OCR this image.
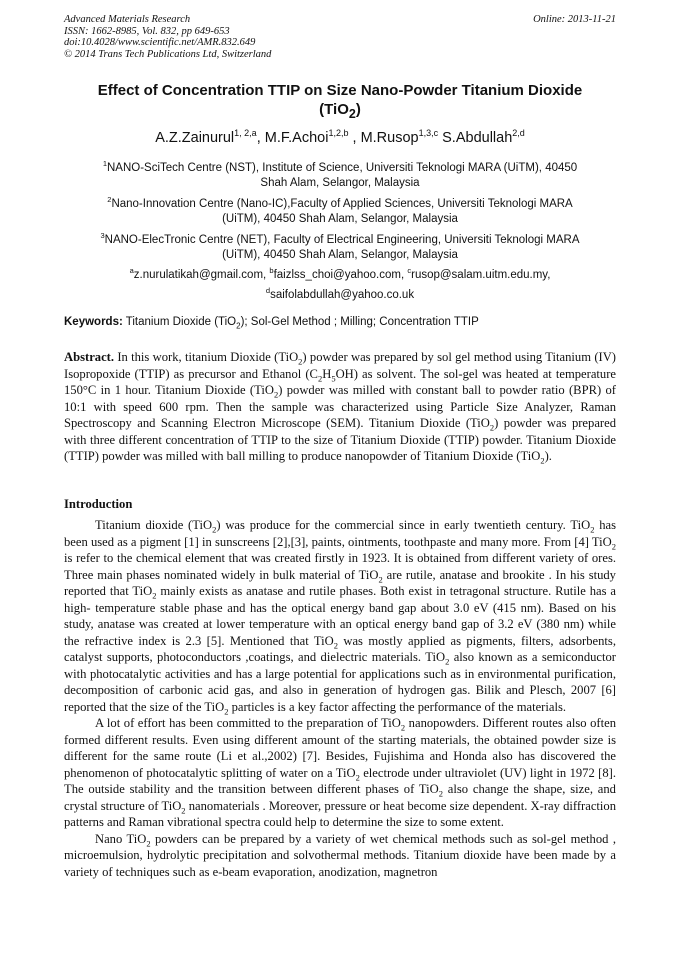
Advanced Materials Research
ISSN: 1662-8985, Vol. 832, pp 649-653
doi:10.4028/www.scientific.net/AMR.832.649
© 2014 Trans Tech Publications Ltd, Switzerland
Online: 2013-11-21
Effect of Concentration TTIP on Size Nano-Powder Titanium Dioxide
(TiO$_2$)
A.Z.Zainurul$^{1, 2,a}$, M.F.Achoi$^{1,2,b}$ , M.Rusop$^{1,3,c}$ S.Abdullah$^{2,d}$
$^1$NANO-SciTech Centre (NST), Institute of Science, Universiti Teknologi MARA (UiTM), 40450
Shah Alam, Selangor, Malaysia
$^2$Nano-Innovation Centre (Nano-IC),Faculty of Applied Sciences, Universiti Teknologi MARA
(UiTM), 40450 Shah Alam, Selangor, Malaysia
$^3$NANO-ElecTronic Centre (NET), Faculty of Electrical Engineering, Universiti Teknologi MARA
(UiTM), 40450 Shah Alam, Selangor, Malaysia
$^a$z.nurulatikah@gmail.com, $^b$faizlss_choi@yahoo.com, $^c$rusop@salam.uitm.edu.my,
$^d$saifolabdullah@yahoo.co.uk
Keywords: Titanium Dioxide (TiO$_2$); Sol-Gel Method ; Milling; Concentration TTIP
Abstract. In this work, titanium Dioxide (TiO$_2$) powder was prepared by sol gel method using Titanium (IV) Isopropoxide (TTIP) as precursor and Ethanol $(C_2H_5OH)$ as solvent. The sol-gel was heated at temperature 150°C in 1 hour. Titanium Dioxide (TiO$_2$) powder was milled with constant ball to powder ratio (BPR) of 10:1 with speed 600 rpm. Then the sample was characterized using Particle Size Analyzer, Raman Spectroscopy and Scanning Electron Microscope (SEM). Titanium Dioxide (TiO$_2$) powder was prepared with three different concentration of TTIP to the size of Titanium Dioxide (TTIP) powder. Titanium Dioxide (TTIP) powder was milled with ball milling to produce nanopowder of Titanium Dioxide (TiO$_2$).
Introduction

Titanium dioxide (TiO$_2$) was produce for the commercial since in early twentieth century. TiO$_2$ has been used as a pigment [1] in sunscreens [2],[3], paints, ointments, toothpaste and many more. From [4] TiO$_2$ is refer to the chemical element that was created firstly in 1923. It is obtained from different variety of ores. Three main phases nominated widely in bulk material of TiO$_2$ are rutile, anatase and brookite . In his study reported that TiO$_2$ mainly exists as anatase and rutile phases. Both exist in tetragonal structure. Rutile has a high- temperature stable phase and has the optical energy band gap about 3.0 eV (415 nm). Based on his study, anatase was created at lower temperature with an optical energy band gap of 3.2 eV (380 nm) while the refractive index is 2.3 [5]. Mentioned that TiO$_2$ was mostly applied as pigments, filters, adsorbents, catalyst supports, photoconductors ,coatings, and dielectric materials. TiO$_2$ also known as a semiconductor with photocatalytic activities and has a large potential for applications such as in environmental purification, decomposition of carbonic acid gas, and also in generation of hydrogen gas. Bilik and Plesch, 2007 [6] reported that the size of the TiO$_2$ particles is a key factor affecting the performance of the materials.

A lot of effort has been committed to the preparation of TiO$_2$ nanopowders. Different routes also often formed different results. Even using different amount of the starting materials, the obtained powder size is different for the same route (Li et al.,2002) [7]. Besides, Fujishima and Honda also has discovered the phenomenon of photocatalytic splitting of water on a TiO$_2$ electrode under ultraviolet (UV) light in 1972 [8]. The outside stability and the transition between different phases of TiO$_2$ also change the shape, size, and crystal structure of TiO$_2$ nanomaterials . Moreover, pressure or heat become size dependent. X-ray diffraction patterns and Raman vibrational spectra could help to determine the size to some extent.

Nano TiO$_2$ powders can be prepared by a variety of wet chemical methods such as sol-gel method , microemulsion, hydrolytic precipitation and solvothermal methods. Titanium dioxide have been made by a variety of techniques such as e-beam evaporation, anodization, magnetron
